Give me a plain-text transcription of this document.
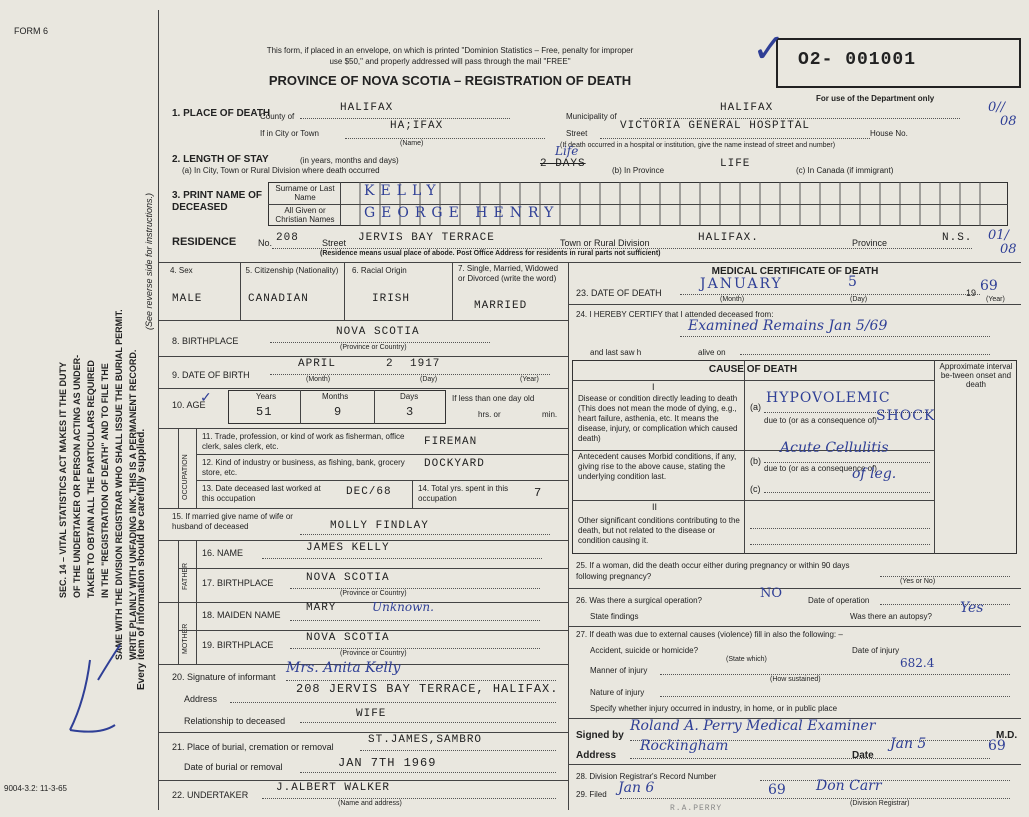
FORM 6
This form, if placed in an envelope, on which is printed "Dominion Statistics – Free, penalty for improper
use $50," and properly addressed will pass through the mail "FREE"
PROVINCE OF NOVA SCOTIA – REGISTRATION OF DEATH
O2- 001001
✓
For use of the Department only
0//
08
SEC. 14 – VITAL STATISTICS ACT MAKES IT THE DUTY OF THE UNDERTAKER OR PERSON ACTING AS UNDER- TAKER TO OBTAIN ALL THE PARTICULARS REQUIRED IN THE "REGISTRATION OF DEATH" AND TO FILE THE SAME WITH THE DIVISION REGISTRAR WHO SHALL ISSUE THE BURIAL PERMIT. WRITE PLAINLY WITH UNFADING INK. THIS IS A PERMANENT RECORD.
Every item of information should be carefully supplied.
(See reverse side for instructions.)
9004-3.2: 11-3-65
1. PLACE OF DEATH
County of
HALIFAX
Municipality of
HALIFAX
If in City or Town
HA;IFAX
(Name)
Street
VICTORIA GENERAL HOSPITAL
House No.
(If death occurred in a hospital or institution, give the name instead of street and number)
2. LENGTH OF STAY	(in years, months and days)
(a) In City, Town or Rural Division where death occurred
2 DAYS
Life
(b) In Province
LIFE
(c) In Canada (if immigrant)
3. PRINT NAME OF DECEASED
Surname or Last Name
All Given or Christian Names
KELLY
GEORGE HENRY
RESIDENCE No. 208	Street JERVIS BAY TERRACE	Town or Rural Division	HALIFAX.	Province	N.S. 01/
08
(Residence means usual place of abode. Post Office Address for residents in rural parts not sufficient)
4. Sex
MALE
5. Citizenship (Nationality)
CANADIAN
6. Racial Origin
IRISH
7. Single, Married, Widowed or Divorced (write the word)
MARRIED
8. BIRTHPLACE
NOVA SCOTIA
(Province or Country)
9. DATE OF BIRTH
APRIL	2 1917
(Month)	(Day)	(Year)
10. AGE
✓	Years	Months	Days
51	9	3
If less than one day old
hrs. or	min.
OCCUPATION
11. Trade, profession, or kind of work as fisherman, office clerk, sales clerk, etc.	FIREMAN
12. Kind of industry or business, as fishing, bank, grocery store, etc.
DOCKYARD
13. Date deceased last worked at this occupation
DEC/68	14. Total yrs. spent in this occupation	7
15. If married give name of wife or husband of deceased	MOLLY FINDLAY
FATHER
16. NAME	JAMES KELLY
17. BIRTHPLACE	NOVA SCOTIA
(Province or Country)
MOTHER
18. MAIDEN NAME
MARY	Unknown.
19. BIRTHPLACE
NOVA SCOTIA
(Province or Country)
20. Signature of informant
Mrs. Anita Kelly
Address
208 JERVIS BAY TERRACE, HALIFAX.
Relationship to deceased
WIFE
21. Place of burial, cremation or removal
ST.JAMES,SAMBRO
Date of burial or removal	JAN 7TH 1969
22. UNDERTAKER
J.ALBERT WALKER
(Name and address)
MEDICAL CERTIFICATE OF DEATH
23. DATE OF DEATH
JANUARY	5
19 69
(Month)	(Day)	(Year)
24. I HEREBY CERTIFY that I attended deceased from:
Examined Remains Jan 5/69
and last saw h	alive on
CAUSE OF DEATH	Approximate interval be-tween onset and death
I
Disease or condition directly leading to death (This does not mean the mode of dying, e.g., heart failure, asthenia, etc. It means the disease, injury, or complication which caused death)
(a)
HYPOVOLEMIC
due to (or as a consequence of) SHOCK
Antecedent causes Morbid conditions, if any, giving rise to the above cause, stating the underlying condition last.
(b)
Acute Cellulitis
due to (or as a consequence of)
of leg.
(c)
II
Other significant conditions contributing to the death, but not related to the disease or condition causing it.
25. If a woman, did the death occur either during pregnancy or within 90 days following pregnancy?
(Yes or No)
26. Was there a surgical operation?	NO	Date of operation
State findings	Was there an autopsy?
Yes
27. If death was due to external causes (violence) fill in also the following: –
Accident, suicide or homicide?	Date of injury
(State which)	682.4
Manner of injury
(How sustained)
Nature of injury
Specify whether injury occurred in industry, in home, or in public place
Signed by
Roland A. Perry Medical Examiner
M.D.
Address
Rockingham
Date
Jan 5	69
28. Division Registrar's Record Number
29. Filed Jan 6	69 Don Carr
(Division Registrar)
R.A.PERRY
